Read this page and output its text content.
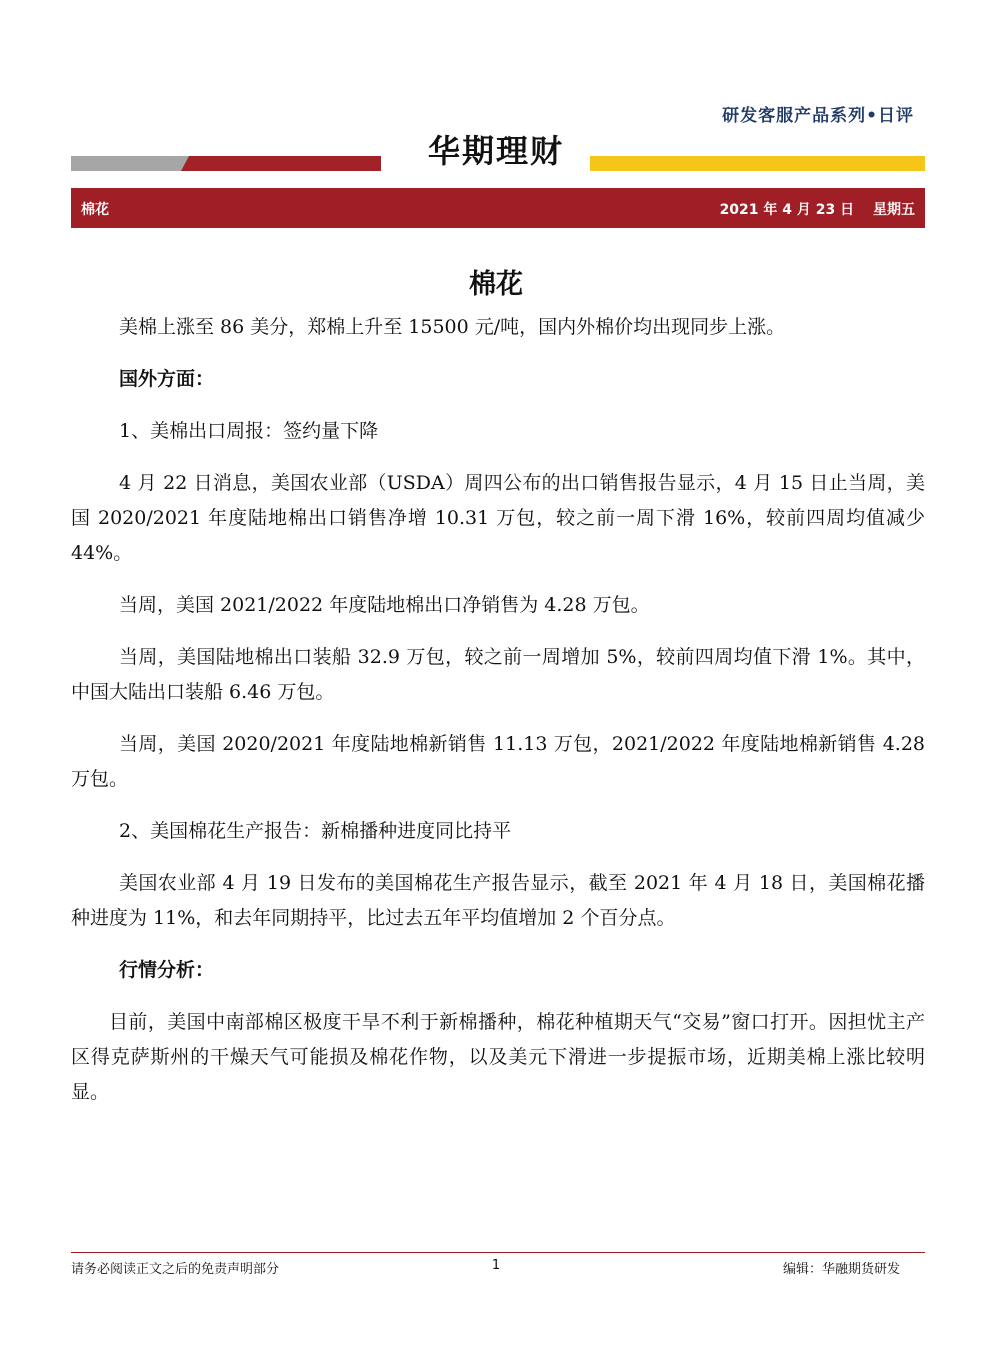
研发客服产品系列•日评
华期理财
棉花	2021 年 4 月 23 日　 星期五
棉花

美棉上涨至 86 美分，郑棉上升至 15500 元/吨，国内外棉价均出现同步上涨。

国外方面：

1、美棉出口周报：签约量下降

4 月 22 日消息，美国农业部（USDA）周四公布的出口销售报告显示，4 月 15 日止当周，美国 2020/2021 年度陆地棉出口销售净增 10.31 万包，较之前一周下滑 16%，较前四周均值减少 44%。

当周，美国 2021/2022 年度陆地棉出口净销售为 4.28 万包。

当周，美国陆地棉出口装船 32.9 万包，较之前一周增加 5%，较前四周均值下滑 1%。其中，中国大陆出口装船 6.46 万包。

当周，美国 2020/2021 年度陆地棉新销售 11.13 万包，2021/2022 年度陆地棉新销售 4.28 万包。

2、美国棉花生产报告：新棉播种进度同比持平

美国农业部 4 月 19 日发布的美国棉花生产报告显示，截至 2021 年 4 月 18 日，美国棉花播种进度为 11%，和去年同期持平，比过去五年平均值增加 2 个百分点。

行情分析：

目前，美国中南部棉区极度干旱不利于新棉播种，棉花种植期天气“交易”窗口打开。因担忧主产区得克萨斯州的干燥天气可能损及棉花作物，以及美元下滑进一步提振市场，近期美棉上涨比较明显。

请务必阅读正文之后的免责声明部分	1	编辑：华融期货研发
